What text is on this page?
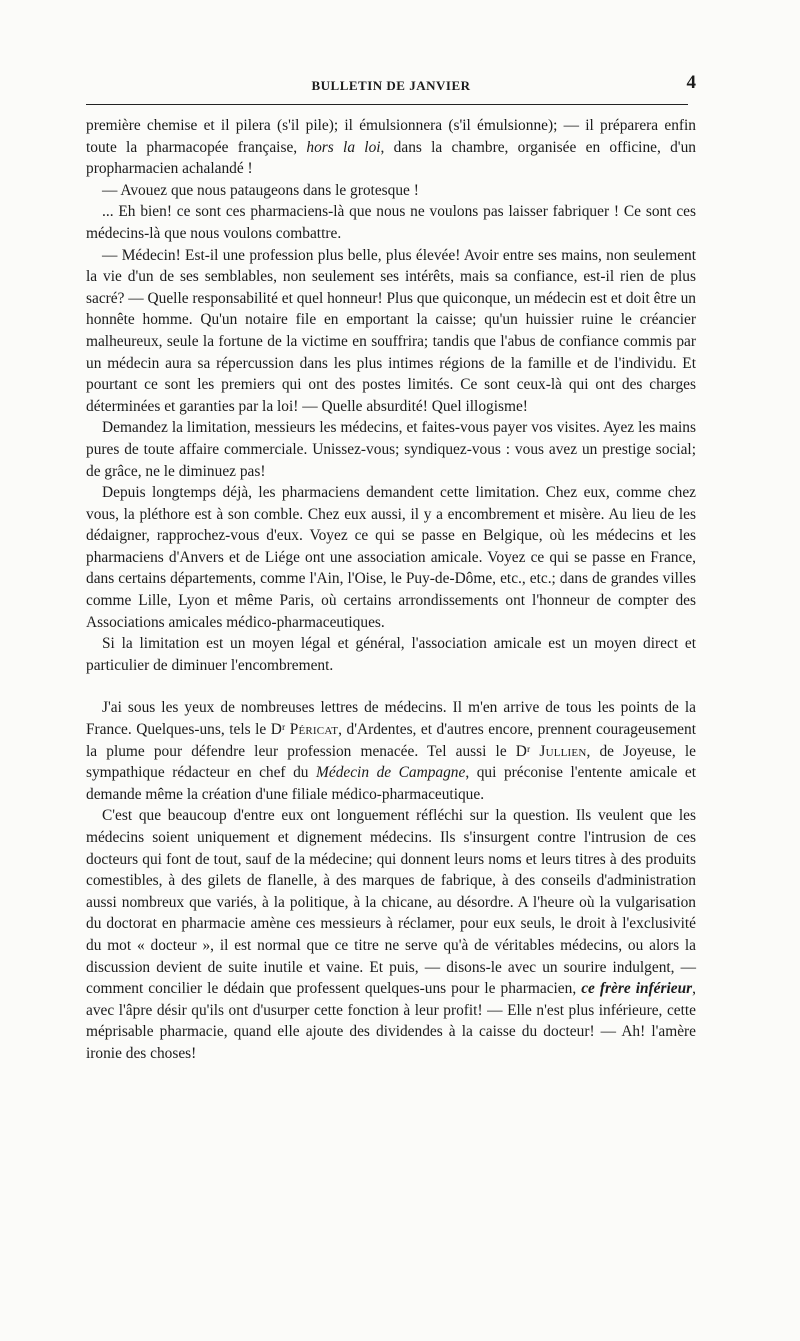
BULLETIN DE JANVIER	4

première chemise et il pilera (s'il pile); il émulsionnera (s'il émulsionne); — il préparera enfin toute la pharmacopée française, hors la loi, dans la chambre, organisée en officine, d'un propharmacien achalandé !

— Avouez que nous pataugeons dans le grotesque !

... Eh bien! ce sont ces pharmaciens-là que nous ne voulons pas laisser fabriquer ! Ce sont ces médecins-là que nous voulons combattre.

— Médecin! Est-il une profession plus belle, plus élevée! Avoir entre ses mains, non seulement la vie d'un de ses semblables, non seulement ses intérêts, mais sa confiance, est-il rien de plus sacré? — Quelle responsabilité et quel honneur! Plus que quiconque, un médecin est et doit être un honnête homme. Qu'un notaire file en emportant la caisse; qu'un huissier ruine le créancier malheureux, seule la fortune de la victime en souffrira; tandis que l'abus de confiance commis par un médecin aura sa répercussion dans les plus intimes régions de la famille et de l'individu. Et pourtant ce sont les premiers qui ont des postes limités. Ce sont ceux-là qui ont des charges déterminées et garanties par la loi! — Quelle absurdité! Quel illogisme!

Demandez la limitation, messieurs les médecins, et faites-vous payer vos visites. Ayez les mains pures de toute affaire commerciale. Unissez-vous; syndiquez-vous : vous avez un prestige social; de grâce, ne le diminuez pas!

Depuis longtemps déjà, les pharmaciens demandent cette limitation. Chez eux, comme chez vous, la pléthore est à son comble. Chez eux aussi, il y a encombrement et misère. Au lieu de les dédaigner, rapprochez-vous d'eux. Voyez ce qui se passe en Belgique, où les médecins et les pharmaciens d'Anvers et de Liége ont une association amicale. Voyez ce qui se passe en France, dans certains départements, comme l'Ain, l'Oise, le Puy-de-Dôme, etc., etc.; dans de grandes villes comme Lille, Lyon et même Paris, où certains arrondissements ont l'honneur de compter des Associations amicales médico-pharmaceutiques.

Si la limitation est un moyen légal et général, l'association amicale est un moyen direct et particulier de diminuer l'encombrement.

J'ai sous les yeux de nombreuses lettres de médecins. Il m'en arrive de tous les points de la France. Quelques-uns, tels le Dʳ Péricat, d'Ardentes, et d'autres encore, prennent courageusement la plume pour défendre leur profession menacée. Tel aussi le Dʳ Jullien, de Joyeuse, le sympathique rédacteur en chef du Médecin de Campagne, qui préconise l'entente amicale et demande même la création d'une filiale médico-pharmaceutique.

C'est que beaucoup d'entre eux ont longuement réfléchi sur la question. Ils veulent que les médecins soient uniquement et dignement médecins. Ils s'insurgent contre l'intrusion de ces docteurs qui font de tout, sauf de la médecine; qui donnent leurs noms et leurs titres à des produits comestibles, à des gilets de flanelle, à des marques de fabrique, à des conseils d'administration aussi nombreux que variés, à la politique, à la chicane, au désordre. A l'heure où la vulgarisation du doctorat en pharmacie amène ces messieurs à réclamer, pour eux seuls, le droit à l'exclusivité du mot « docteur », il est normal que ce titre ne serve qu'à de véritables médecins, ou alors la discussion devient de suite inutile et vaine. Et puis, — disons-le avec un sourire indulgent, — comment concilier le dédain que professent quelques-uns pour le pharmacien, ce frère inférieur, avec l'âpre désir qu'ils ont d'usurper cette fonction à leur profit! — Elle n'est plus inférieure, cette méprisable pharmacie, quand elle ajoute des dividendes à la caisse du docteur! — Ah! l'amère ironie des choses!
